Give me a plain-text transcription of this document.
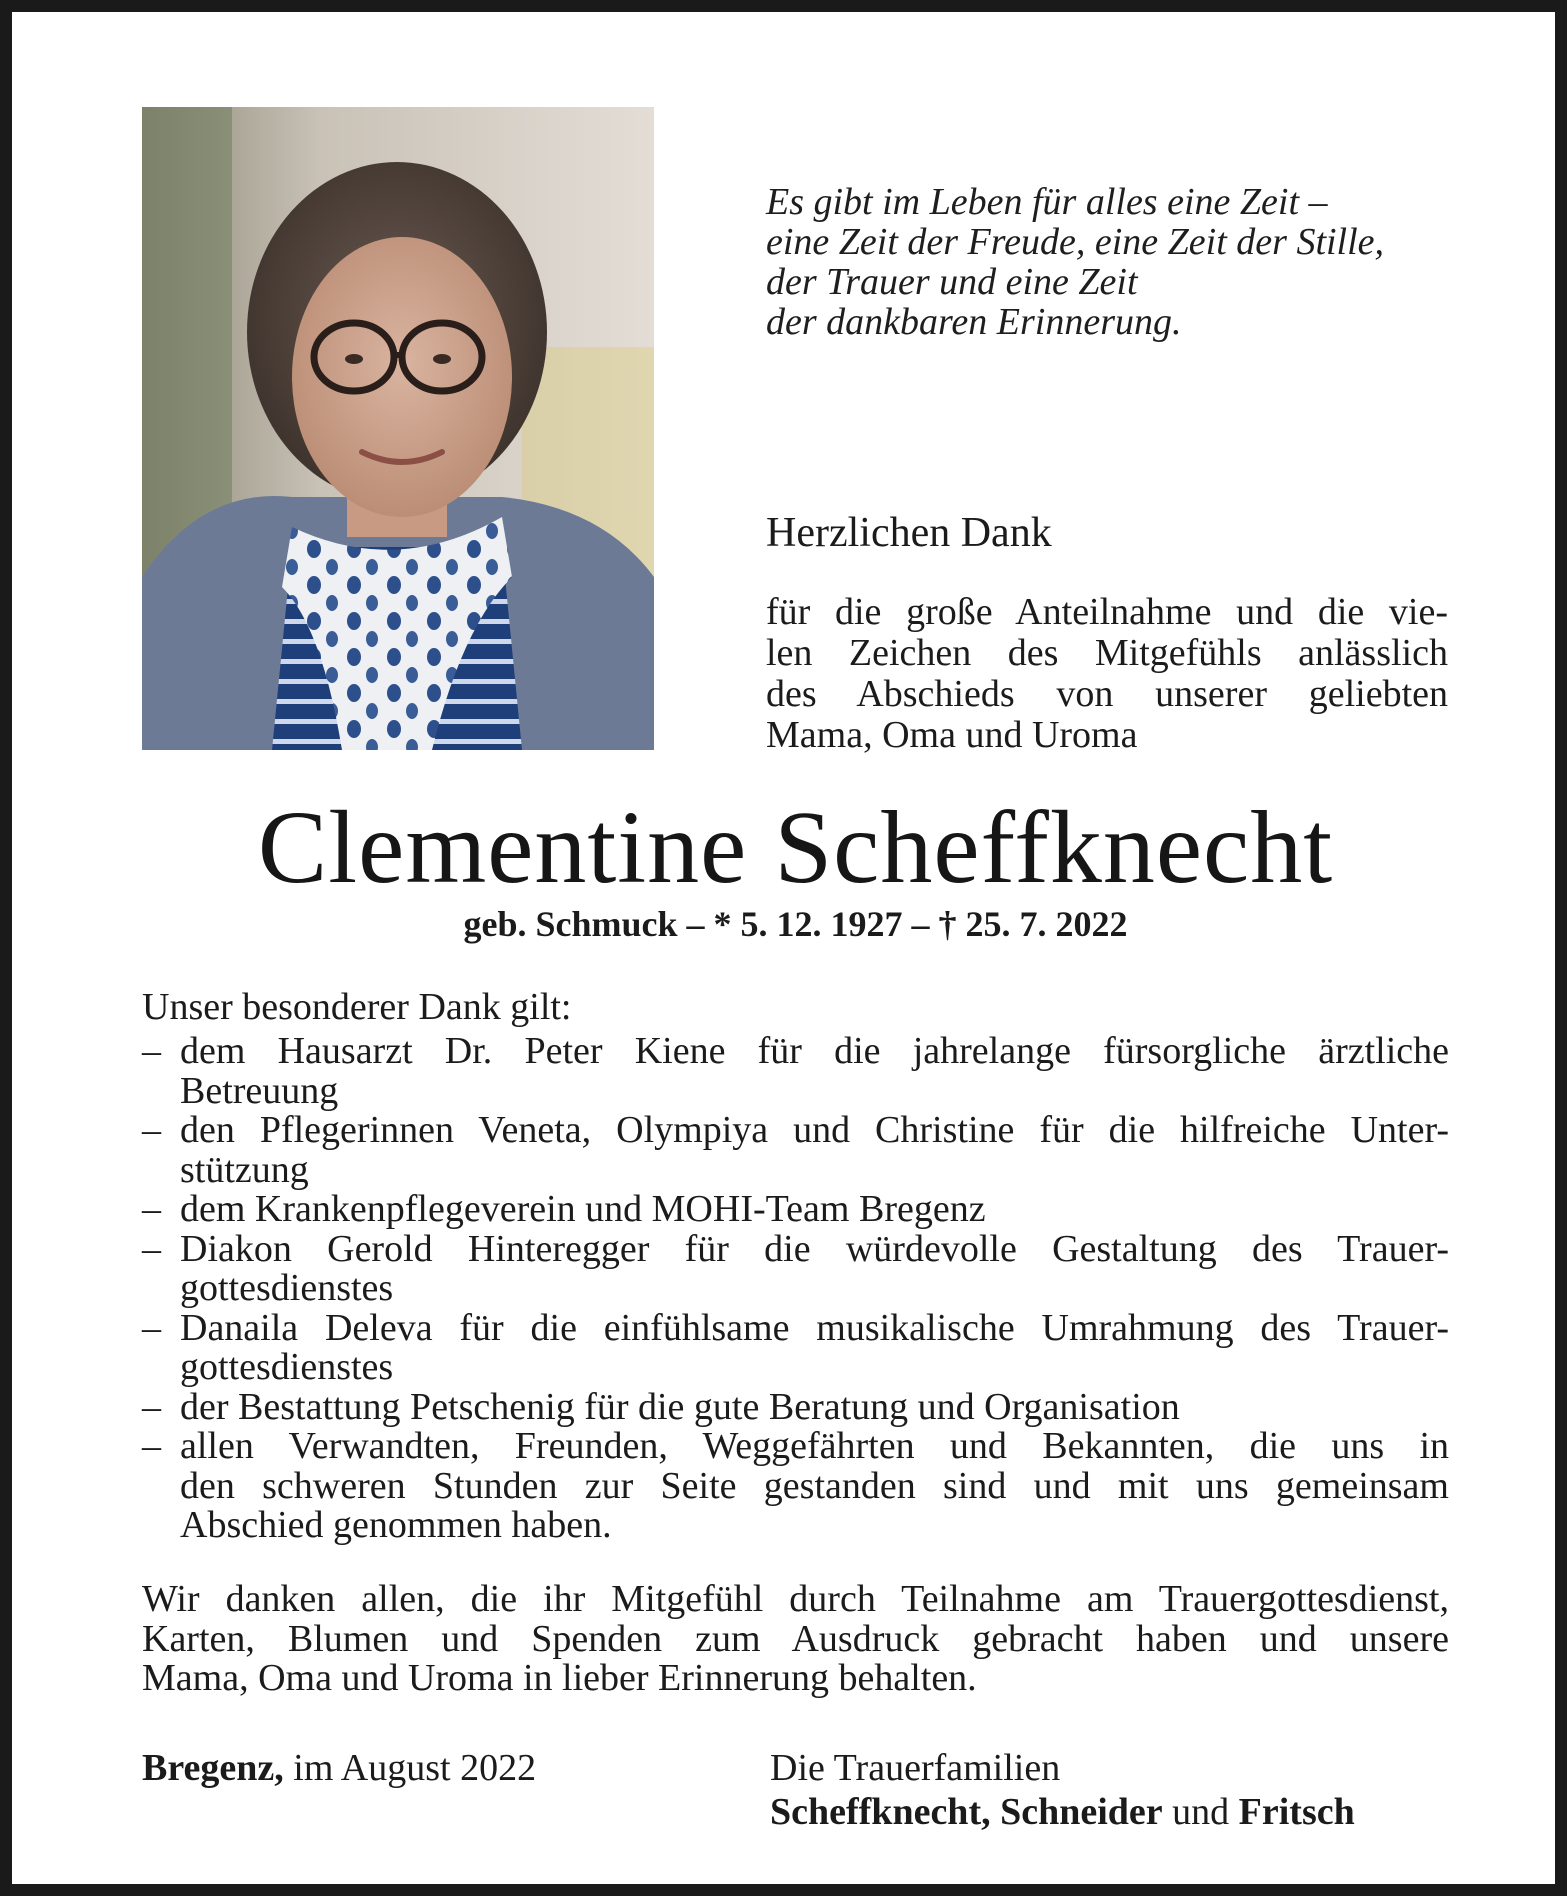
Es gibt im Leben für alles eine Zeit –
eine Zeit der Freude, eine Zeit der Stille,
der Trauer und eine Zeit
der dankbaren Erinnerung.
Herzlichen Dank
für die große Anteilnahme und die vie-
len Zeichen des Mitgefühls anlässlich
des Abschieds von unserer geliebten
Mama, Oma und Uroma
Clementine Scheffknecht
geb. Schmuck – * 5. 12. 1927 – † 25. 7. 2022
Unser besonderer Dank gilt:
– dem Hausarzt Dr. Peter Kiene für die jahrelange fürsorgliche ärztliche
Betreuung
– den Pflegerinnen Veneta, Olympiya und Christine für die hilfreiche Unter-
stützung
– dem Krankenpflegeverein und MOHI-Team Bregenz
– Diakon Gerold Hinteregger für die würdevolle Gestaltung des Trauer-
gottesdienstes
– Danaila Deleva für die einfühlsame musikalische Umrahmung des Trauer-
gottesdienstes
– der Bestattung Petschenig für die gute Beratung und Organisation
– allen Verwandten, Freunden, Weggefährten und Bekannten, die uns in
den schweren Stunden zur Seite gestanden sind und mit uns gemeinsam
Abschied genommen haben.
Wir danken allen, die ihr Mitgefühl durch Teilnahme am Trauergottesdienst,
Karten, Blumen und Spenden zum Ausdruck gebracht haben und unsere
Mama, Oma und Uroma in lieber Erinnerung behalten.
Bregenz, im August 2022	Die Trauerfamilien
Scheffknecht, Schneider und Fritsch
